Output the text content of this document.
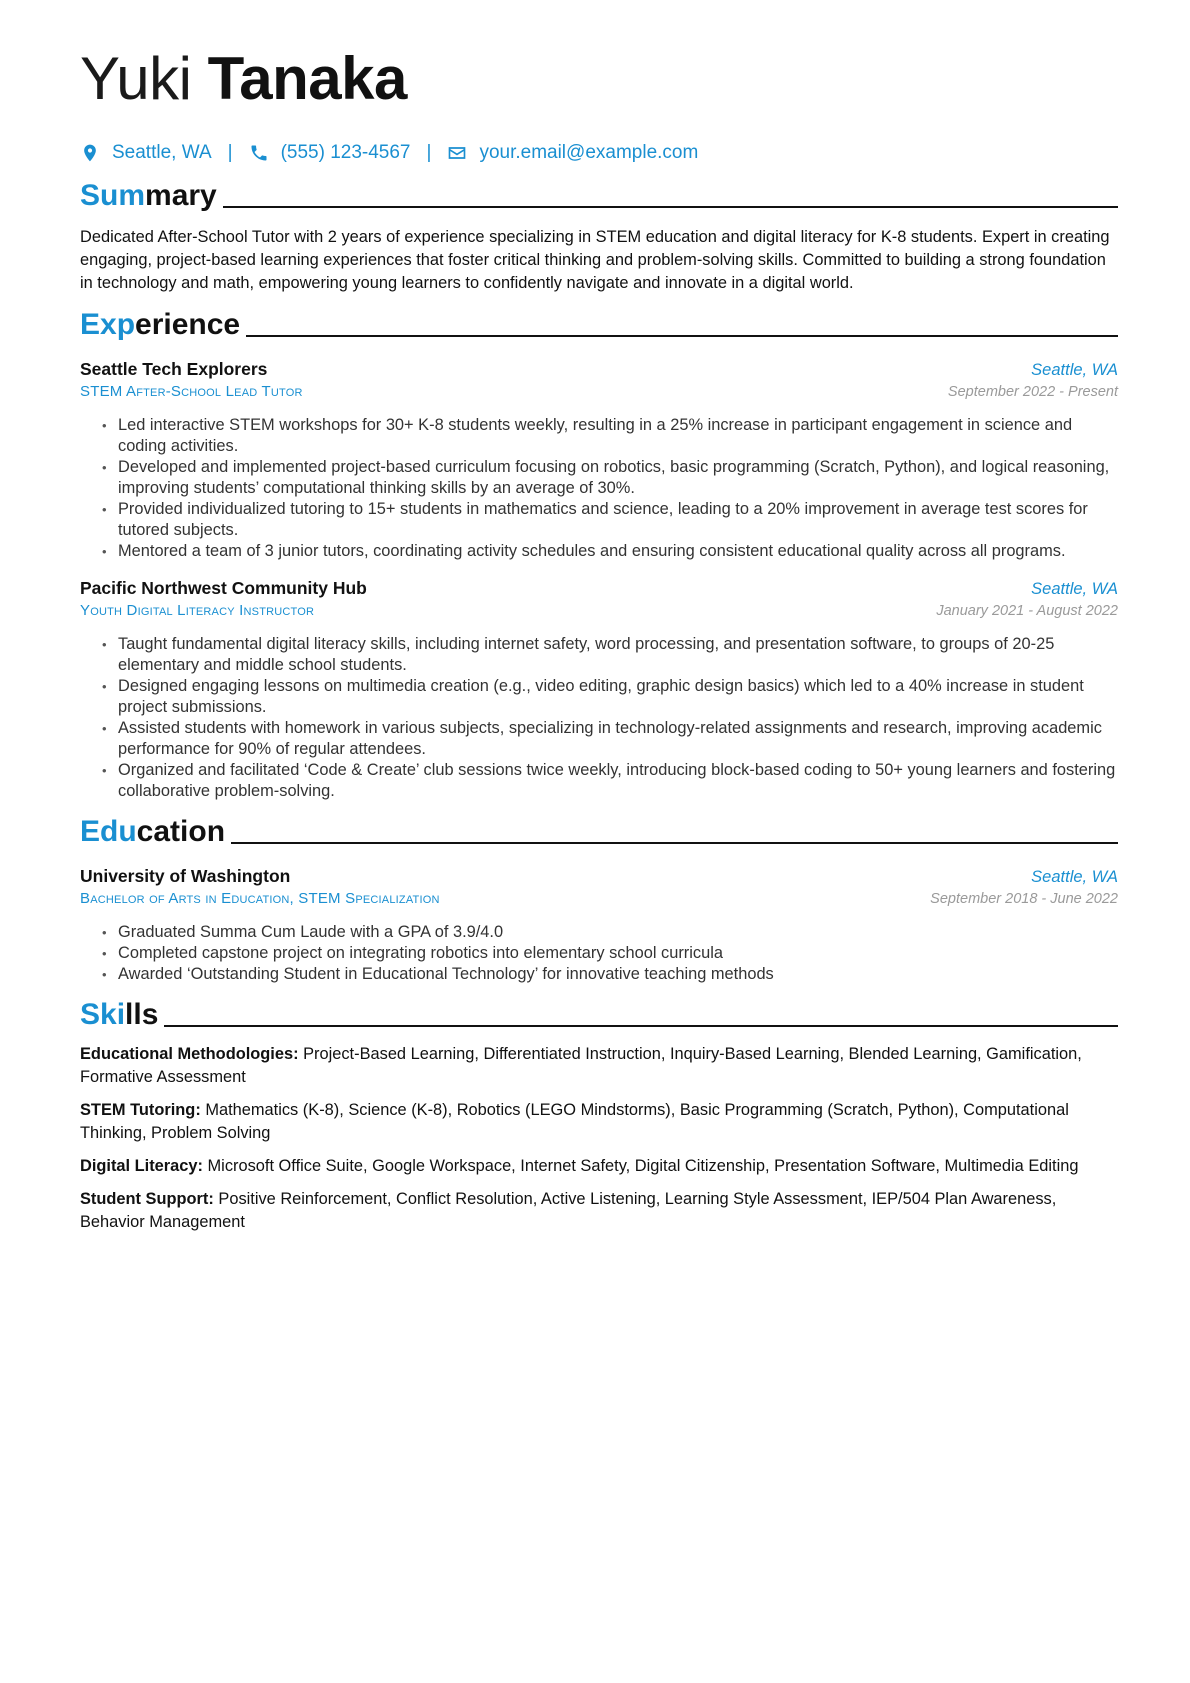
Yuki Tanaka
Seattle, WA |	(555) 123-4567 |	your.email@example.com
Summary
Dedicated After-School Tutor with 2 years of experience specializing in STEM education and digital literacy for K-8 students. Expert in creating engaging, project-based learning experiences that foster critical thinking and problem-solving skills. Committed to building a strong foundation in technology and math, empowering young learners to confidently navigate and innovate in a digital world.
Experience
Seattle Tech Explorers	Seattle, WA
STEM After-School Lead Tutor	September 2022 - Present
• Led interactive STEM workshops for 30+ K-8 students weekly, resulting in a 25% increase in participant engagement in science and coding activities.
• Developed and implemented project-based curriculum focusing on robotics, basic programming (Scratch, Python), and logical reasoning, improving students’ computational thinking skills by an average of 30%.
• Provided individualized tutoring to 15+ students in mathematics and science, leading to a 20% improvement in average test scores for tutored subjects.
• Mentored a team of 3 junior tutors, coordinating activity schedules and ensuring consistent educational quality across all programs.
Pacific Northwest Community Hub	Seattle, WA
Youth Digital Literacy Instructor	January 2021 - August 2022
• Taught fundamental digital literacy skills, including internet safety, word processing, and presentation software, to groups of 20-25 elementary and middle school students.
• Designed engaging lessons on multimedia creation (e.g., video editing, graphic design basics) which led to a 40% increase in student project submissions.
• Assisted students with homework in various subjects, specializing in technology-related assignments and research, improving academic performance for 90% of regular attendees.
• Organized and facilitated ‘Code & Create’ club sessions twice weekly, introducing block-based coding to 50+ young learners and fostering collaborative problem-solving.
Education
University of Washington	Seattle, WA
Bachelor of Arts in Education, STEM Specialization	September 2018 - June 2022
• Graduated Summa Cum Laude with a GPA of 3.9/4.0
• Completed capstone project on integrating robotics into elementary school curricula
• Awarded ‘Outstanding Student in Educational Technology’ for innovative teaching methods
Skills
Educational Methodologies: Project-Based Learning, Differentiated Instruction, Inquiry-Based Learning, Blended Learning, Gamification, Formative Assessment
STEM Tutoring: Mathematics (K-8), Science (K-8), Robotics (LEGO Mindstorms), Basic Programming (Scratch, Python), Computational Thinking, Problem Solving
Digital Literacy: Microsoft Office Suite, Google Workspace, Internet Safety, Digital Citizenship, Presentation Software, Multimedia Editing
Student Support: Positive Reinforcement, Conflict Resolution, Active Listening, Learning Style Assessment, IEP/504 Plan Awareness, Behavior Management
